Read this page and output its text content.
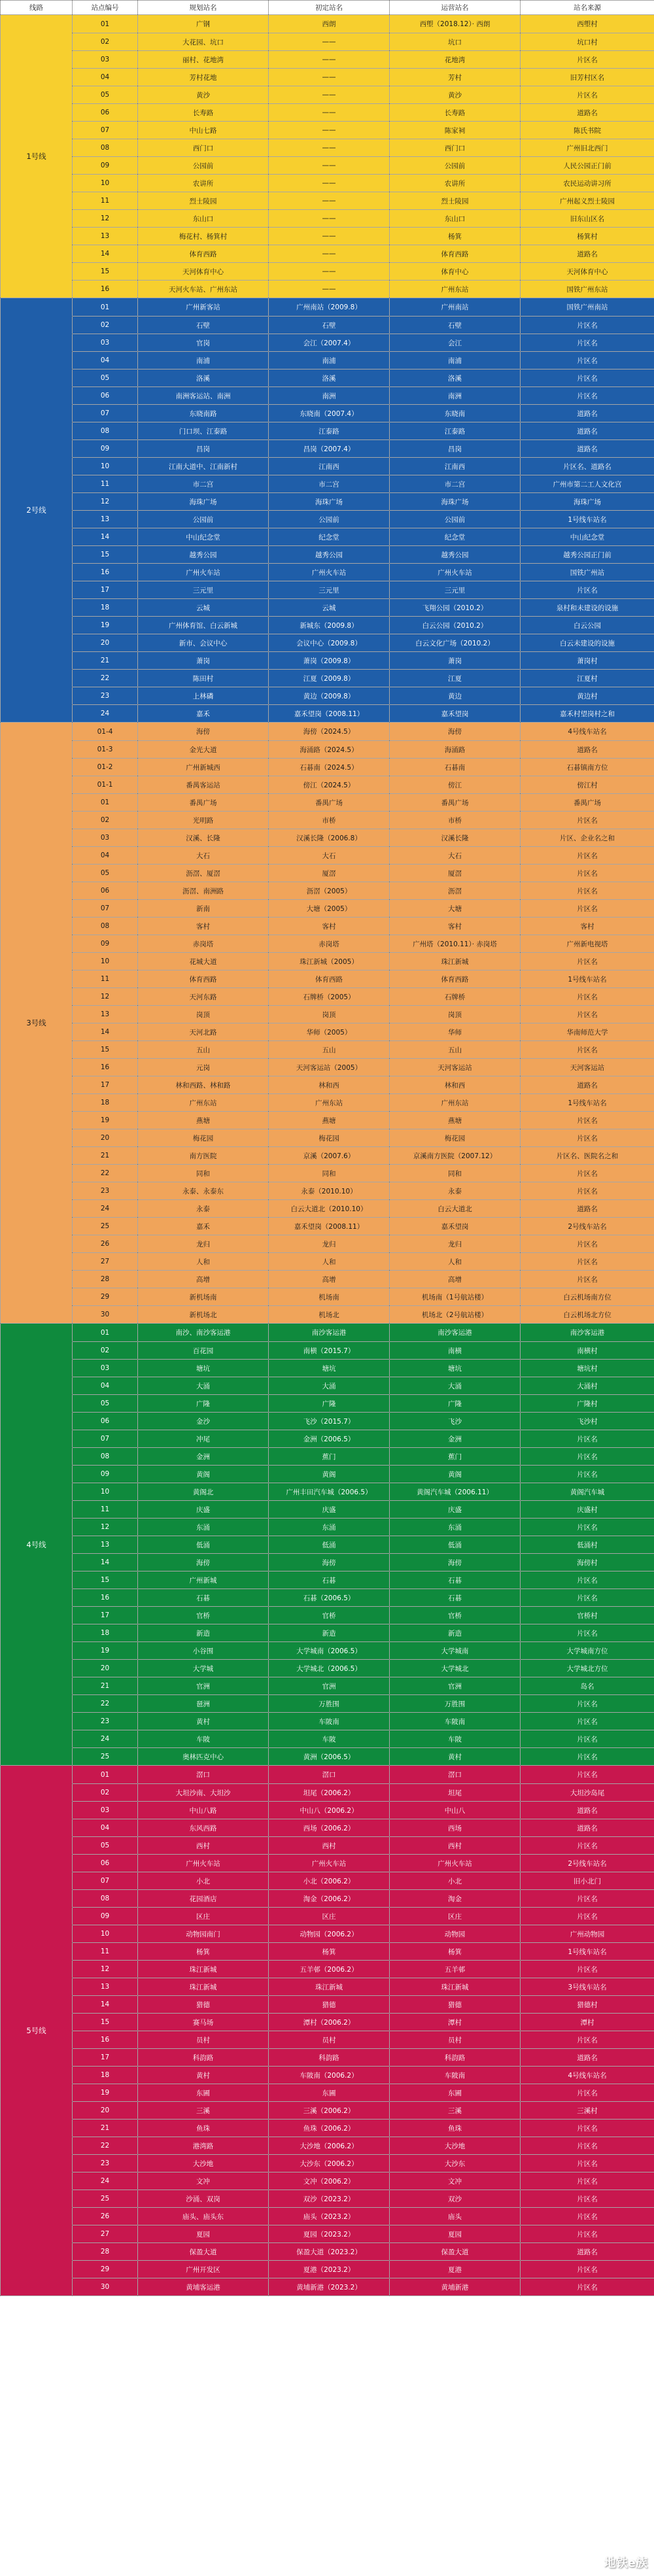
线路	站点编号	规划站名	初定站名	运营站名	站名来源
1号线	01	广钢	西朗	西塱（2018.12）· 西朗	西塱村
	02	大花园、坑口	——	坑口	坑口村
	03	丽村、花地湾	——	花地湾	片区名
	04	芳村花地	——	芳村	旧芳村区名
	05	黄沙	——	黄沙	片区名
	06	长寿路	——	长寿路	道路名
	07	中山七路	——	陈家祠	陈氏书院
	08	西门口	——	西门口	广州旧北西门
	09	公园前	——	公园前	人民公园正门前
	10	农讲所	——	农讲所	农民运动讲习所
	11	烈士陵园	——	烈士陵园	广州起义烈士陵园
	12	东山口	——	东山口	旧东山区名
	13	梅花村、杨箕村	——	杨箕	杨箕村
	14	体育西路	——	体育西路	道路名
	15	天河体育中心	——	体育中心	天河体育中心
	16	天河火车站、广州东站	——	广州东站	国铁广州东站
2号线	01	广州新客站	广州南站（2009.8）	广州南站	国铁广州南站
	02	石壁	石壁	石壁	片区名
	03	官岗	会江（2007.4）	会江	片区名
	04	南浦	南浦	南浦	片区名
	05	洛溪	洛溪	洛溪	片区名
	06	南洲客运站、南洲	南洲	南洲	片区名
	07	东晓南路	东晓南（2007.4）	东晓南	道路名
	08	门口坝、江泰路	江泰路	江泰路	道路名
	09	昌岗	昌岗（2007.4）	昌岗	道路名
	10	江南大道中、江南新村	江南西	江南西	片区名、道路名
	11	市二宫	市二宫	市二宫	广州市第二工人文化宫
	12	海珠广场	海珠广场	海珠广场	海珠广场
	13	公园前	公园前	公园前	1号线车站名
	14	中山纪念堂	纪念堂	纪念堂	中山纪念堂
	15	越秀公园	越秀公园	越秀公园	越秀公园正门前
	16	广州火车站	广州火车站	广州火车站	国铁广州站
	17	三元里	三元里	三元里	片区名
	18	云城	云城	飞翔公园（2010.2）	泉村和未建设的设施
	19	广州体育馆、白云新城	新城东（2009.8）	白云公园（2010.2）	白云公园
	20	新市、会议中心	会议中心（2009.8）	白云文化广场（2010.2）	白云未建设的设施
	21	萧岗	萧岗（2009.8）	萧岗	萧岗村
	22	陈田村	江夏（2009.8）	江夏	江夏村
	23	上林磷	黄边（2009.8）	黄边	黄边村
	24	嘉禾	嘉禾望岗（2008.11）	嘉禾望岗	嘉禾村望岗村之和
3号线	01-4	海傍	海傍（2024.5）	海傍	4号线车站名
	01-3	金光大道	海涌路（2024.5）	海涌路	道路名
	01-2	广州新城西	石碁南（2024.5）	石碁南	石碁镇南方位
	01-1	番禺客运站	傍江（2024.5）	傍江	傍江村
	01	番禺广场	番禺广场	番禺广场	番禺广场
	02	光明路	市桥	市桥	片区名
	03	汉溪、长隆	汉溪长隆（2006.8）	汉溪长隆	片区、企业名之和
	04	大石	大石	大石	片区名
	05	沥滘、厦滘	厦滘	厦滘	片区名
	06	沥滘、南洲路	沥滘（2005）	沥滘	片区名
	07	新南	大塘（2005）	大塘	片区名
	08	客村	客村	客村	客村
	09	赤岗塔	赤岗塔	广州塔（2010.11）· 赤岗塔	广州新电视塔
	10	花城大道	珠江新城（2005）	珠江新城	片区名
	11	体育西路	体育西路	体育西路	1号线车站名
	12	天河东路	石牌桥（2005）	石牌桥	片区名
	13	岗顶	岗顶	岗顶	片区名
	14	天河北路	华师（2005）	华师	华南师范大学
	15	五山	五山	五山	片区名
	16	元岗	天河客运站（2005）	天河客运站	天河客运站
	17	林和西路、林和路	林和西	林和西	道路名
	18	广州东站	广州东站	广州东站	1号线车站名
	19	燕塘	燕塘	燕塘	片区名
	20	梅花园	梅花园	梅花园	片区名
	21	南方医院	京溪（2007.6）	京溪南方医院（2007.12）	片区名、医院名之和
	22	同和	同和	同和	片区名
	23	永泰、永泰东	永泰（2010.10）	永泰	片区名
	24	永泰	白云大道北（2010.10）	白云大道北	道路名
	25	嘉禾	嘉禾望岗（2008.11）	嘉禾望岗	2号线车站名
	26	龙归	龙归	龙归	片区名
	27	人和	人和	人和	片区名
	28	高增	高增	高增	片区名
	29	新机场南	机场南	机场南（1号航站楼）	白云机场南方位
	30	新机场北	机场北	机场北（2号航站楼）	白云机场北方位
4号线	01	南沙、南沙客运港	南沙客运港	南沙客运港	南沙客运港
	02	百花园	南横（2015.7）	南横	南横村
	03	塘坑	塘坑	塘坑	塘坑村
	04	大涌	大涌	大涌	大涌村
	05	广隆	广隆	广隆	广隆村
	06	金沙	飞沙（2015.7）	飞沙	飞沙村
	07	冲尾	金洲（2006.5）	金洲	片区名
	08	金洲	蕉门	蕉门	片区名
	09	黄阁	黄阁	黄阁	片区名
	10	黄阁北	广州丰田汽车城（2006.5）	黄阁汽车城（2006.11）	黄阁汽车城
	11	庆盛	庆盛	庆盛	庆盛村
	12	东涌	东涌	东涌	片区名
	13	低涌	低涌	低涌	低涌村
	14	海傍	海傍	海傍	海傍村
	15	广州新城	石碁	石碁	片区名
	16	石碁	石碁（2006.5）	石碁	片区名
	17	官桥	官桥	官桥	官桥村
	18	新造	新造	新造	片区名
	19	小谷围	大学城南（2006.5）	大学城南	大学城南方位
	20	大学城	大学城北（2006.5）	大学城北	大学城北方位
	21	官洲	官洲	官洲	岛名
	22	琶洲	万胜围	万胜围	片区名
	23	黄村	车陂南	车陂南	片区名
	24	车陂	车陂	车陂	片区名
	25	奥林匹克中心	黄洲（2006.5）	黄村	片区名
5号线	01	滘口	滘口	滘口	片区名
	02	大坦沙南、大坦沙	坦尾（2006.2）	坦尾	大坦沙岛尾
	03	中山八路	中山八（2006.2）	中山八	道路名
	04	东风西路	西场（2006.2）	西场	道路名
	05	西村	西村	西村	片区名
	06	广州火车站	广州火车站	广州火车站	2号线车站名
	07	小北	小北（2006.2）	小北	旧小北门
	08	花园酒店	淘金（2006.2）	淘金	片区名
	09	区庄	区庄	区庄	片区名
	10	动物园南门	动物园（2006.2）	动物园	广州动物园
	11	杨箕	杨箕	杨箕	1号线车站名
	12	珠江新城	五羊邨（2006.2）	五羊邨	片区名
	13	珠江新城	珠江新城	珠江新城	3号线车站名
	14	猎德	猎德	猎德	猎德村
	15	赛马场	潭村（2006.2）	潭村	潭村
	16	员村	员村	员村	片区名
	17	科韵路	科韵路	科韵路	道路名
	18	黄村	车陂南（2006.2）	车陂南	4号线车站名
	19	东圃	东圃	东圃	片区名
	20	三溪	三溪（2006.2）	三溪	三溪村
	21	鱼珠	鱼珠（2006.2）	鱼珠	片区名
	22	港湾路	大沙地（2006.2）	大沙地	片区名
	23	大沙地	大沙东（2006.2）	大沙东	片区名
	24	文冲	文冲（2006.2）	文冲	片区名
	25	沙涌、双岗	双沙（2023.2）	双沙	片区名
	26	庙头、庙头东	庙头（2023.2）	庙头	片区名
	27	夏园	夏园（2023.2）	夏园	片区名
	28	保盈大道	保盈大道（2023.2）	保盈大道	道路名
	29	广州开发区	夏港（2023.2）	夏港	片区名
	30	黄埔客运港	黄埔新港（2023.2）	黄埔新港	片区名
地铁e族
